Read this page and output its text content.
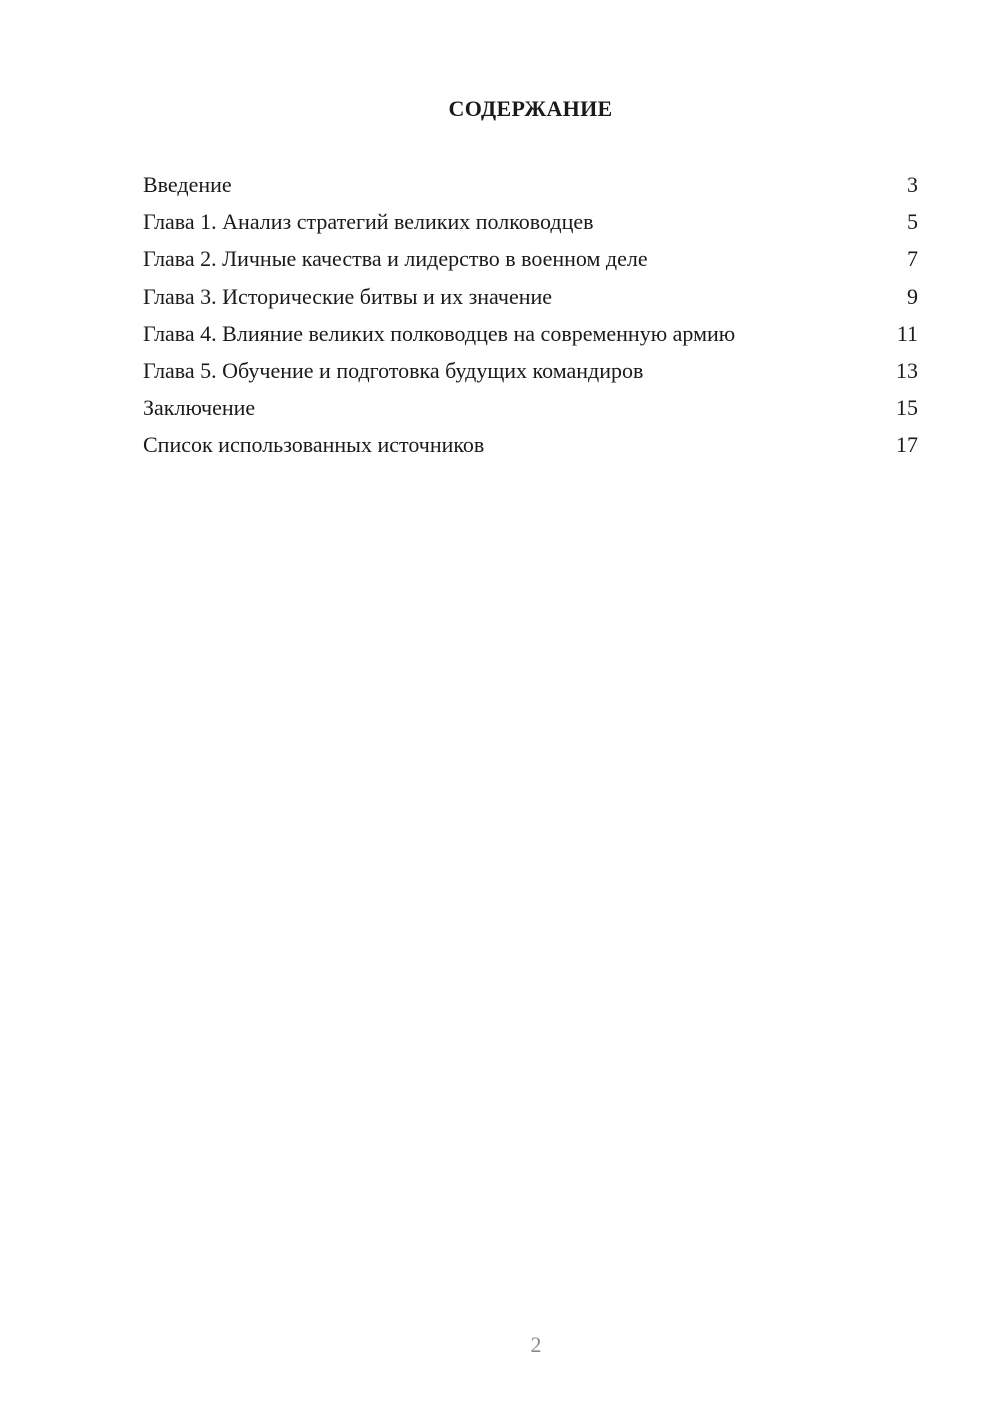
СОДЕРЖАНИЕ
Введение	3
Глава 1. Анализ стратегий великих полководцев	5
Глава 2. Личные качества и лидерство в военном деле	7
Глава 3. Исторические битвы и их значение	9
Глава 4. Влияние великих полководцев на современную армию	11
Глава 5. Обучение и подготовка будущих командиров	13
Заключение	15
Список использованных источников	17
2
